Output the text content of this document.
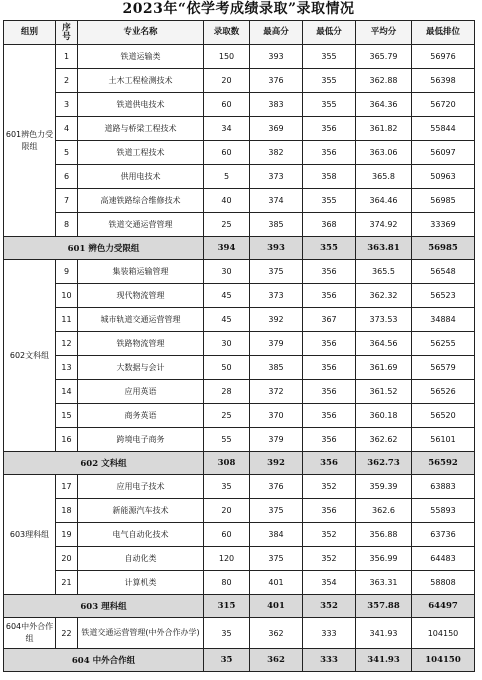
2023年“依学考成绩录取”录取情况
组别	序号	专业名称	录取数	最高分	最低分	平均分	最低排位
601辨色力受限组	1	铁道运输类	150	393	355	365.79	56976
	2	土木工程检测技术	20	376	355	362.88	56398
	3	铁道供电技术	60	383	355	364.36	56720
	4	道路与桥梁工程技术	34	369	356	361.82	55844
	5	铁道工程技术	60	382	356	363.06	56097
	6	供用电技术	5	373	358	365.8	50963
	7	高速铁路综合维修技术	40	374	355	364.46	56985
	8	铁道交通运营管理	25	385	368	374.92	33369
601 辨色力受限组			394	393	355	363.81	56985
602文科组	9	集装箱运输管理	30	375	356	365.5	56548
	10	现代物流管理	45	373	356	362.32	56523
	11	城市轨道交通运营管理	45	392	367	373.53	34884
	12	铁路物流管理	30	379	356	364.56	56255
	13	大数据与会计	50	385	356	361.69	56579
	14	应用英语	28	372	356	361.52	56526
	15	商务英语	25	370	356	360.18	56520
	16	跨境电子商务	55	379	356	362.62	56101
602 文科组			308	392	356	362.73	56592
603理科组	17	应用电子技术	35	376	352	359.39	63883
	18	新能源汽车技术	20	375	356	362.6	55893
	19	电气自动化技术	60	384	352	356.88	63736
	20	自动化类	120	375	352	356.99	64483
	21	计算机类	80	401	354	363.31	58808
603 理科组			315	401	352	357.88	64497
604中外合作组	22	铁道交通运营管理(中外合作办学)	35	362	333	341.93	104150
604 中外合作组			35	362	333	341.93	104150
